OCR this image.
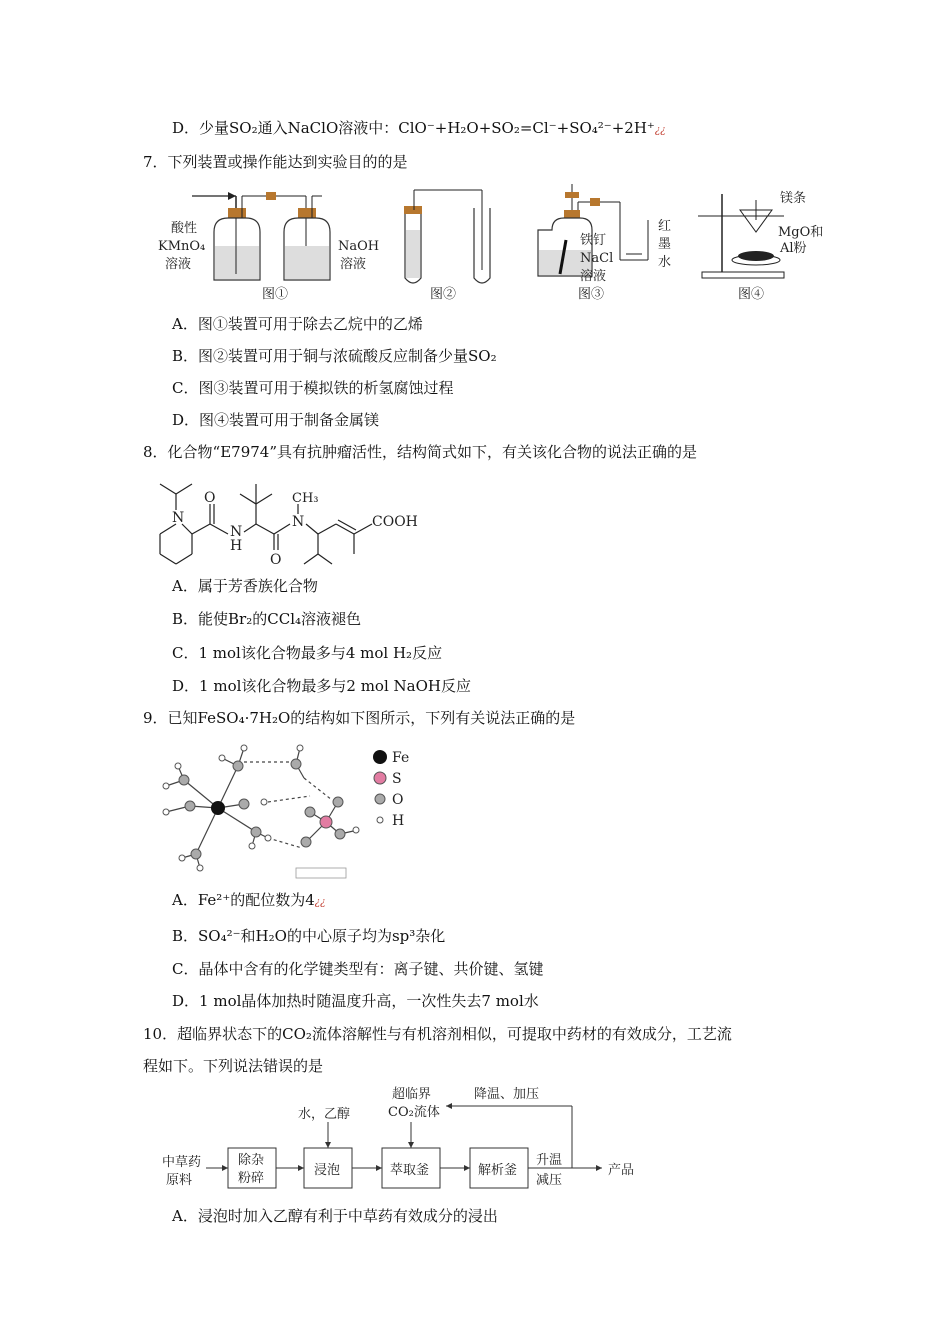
D．少量SO₂通入NaClO溶液中：ClO⁻+H₂O+SO₂=Cl⁻+SO₄²⁻+2H⁺¿¿
7．下列装置或操作能达到实验目的的是
酸性
KMnO₄
溶液
NaOH
溶液
图①	图②
铁钉
NaCl
溶液
红
墨
水
图③
镁条
MgO和
Al粉
图④
A．图①装置可用于除去乙烷中的乙烯
B．图②装置可用于铜与浓硫酸反应制备少量SO₂
C．图③装置可用于模拟铁的析氢腐蚀过程
D．图④装置可用于制备金属镁
8．化合物“E7974”具有抗肿瘤活性，结构简式如下，有关该化合物的说法正确的是
N
N
H
O
O
N
CH₃
COOH
A．属于芳香族化合物
B．能使Br₂的CCl₄溶液褪色
C．1 mol该化合物最多与4 mol H₂反应
D．1 mol该化合物最多与2 mol NaOH反应
9．已知FeSO₄·7H₂O的结构如下图所示，下列有关说法正确的是
Fe
S
O
H
A．Fe²⁺的配位数为4¿¿
B．SO₄²⁻和H₂O的中心原子均为sp³杂化
C．晶体中含有的化学键类型有：离子键、共价键、氢键
D．1 mol晶体加热时随温度升高，一次性失去7 mol水
10．超临界状态下的CO₂流体溶解性与有机溶剂相似，可提取中药材的有效成分，工艺流
程如下。下列说法错误的是
中草药
原料
除杂
粉碎
浸泡	萃取釜	解析釜
水，乙醇
超临界
CO₂流体
降温、加压
升温
减压
产品
A．浸泡时加入乙醇有利于中草药有效成分的浸出
